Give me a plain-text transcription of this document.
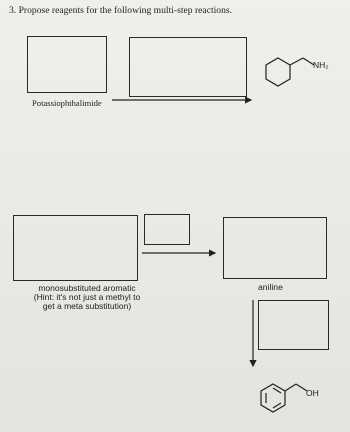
3. Propose reagents for the following multi-step reactions.
Potassiophthalimide
monosubstituted aromatic
(Hint: it's not just a methyl to
get a meta substitution)
aniline
NH₂
OH
